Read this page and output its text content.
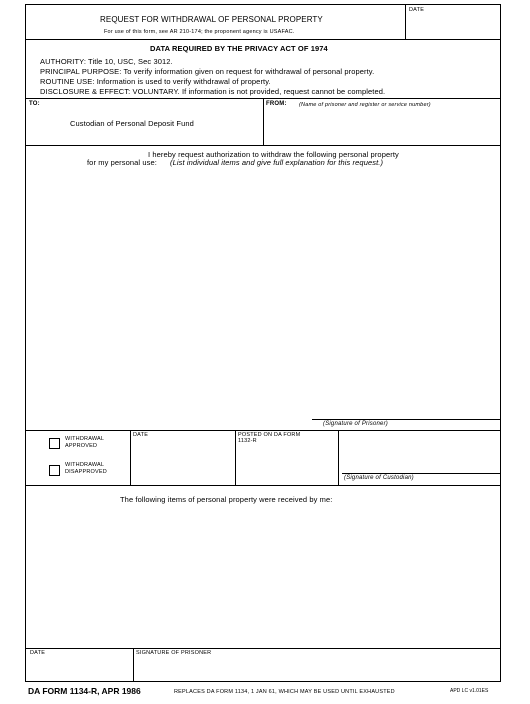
REQUEST FOR WITHDRAWAL OF PERSONAL PROPERTY
For use of this form, see AR 210-174; the proponent agency is USAFAC.
DATE
DATA REQUIRED BY THE PRIVACY ACT OF 1974
AUTHORITY: Title 10, USC, Sec 3012.
PRINCIPAL PURPOSE: To verify information given on request for withdrawal of personal property.
ROUTINE USE: Information is used to verify withdrawal of property.
DISCLOSURE & EFFECT: VOLUNTARY. If information is not provided, request cannot be completed.
TO:
Custodian of Personal Deposit Fund
FROM: (Name of prisoner and register or service number)
I hereby request authorization to withdraw the following personal property
for my personal use: (List individual items and give full explanation for this request.)
(Signature of Prisoner)
WITHDRAWAL
APPROVED
WITHDRAWAL
DISAPPROVED
DATE	POSTED ON DA FORM
1132-R
(Signature of Custodian)
The following items of personal property were received by me:
DATE	SIGNATURE OF PRISONER
DA FORM 1134-R, APR 1986	REPLACES DA FORM 1134, 1 JAN 61, WHICH MAY BE USED UNTIL EXHAUSTED	APD LC v1.01ES
